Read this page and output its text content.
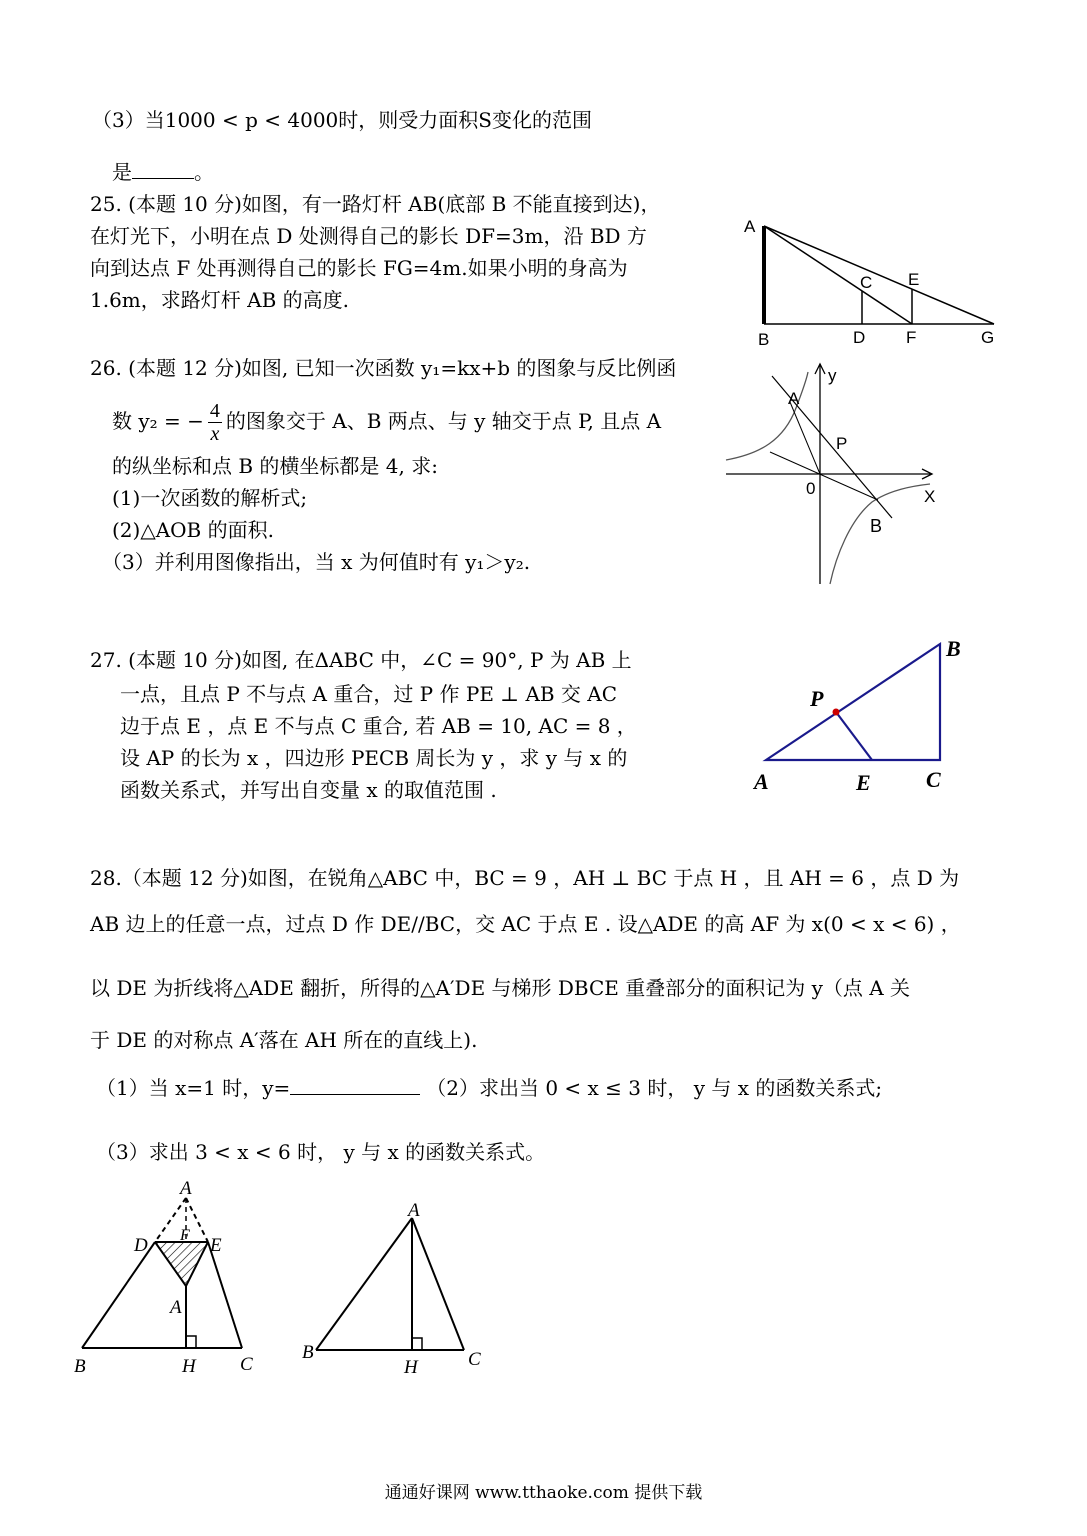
（3）当1000 < p < 4000时，则受力面积S变化的范围
是	。
25. (本题 10 分)如图，有一路灯杆 AB(底部 B 不能直接到达)，
在灯光下，小明在点 D 处测得自己的影长 DF=3m，沿 BD 方
向到达点 F 处再测得自己的影长 FG=4m.如果小明的身高为
1.6m，求路灯杆 AB 的高度.
A
B
C
D
E
F	G
26. (本题 12 分)如图, 已知一次函数 y₁=kx+b 的图象与反比例函
数 y₂ = − $\frac{4}{x}$ 的图象交于 A、B 两点、与 y 轴交于点 P, 且点 A
的纵坐标和点 B 的横坐标都是 4, 求:
(1)一次函数的解析式;
(2)△AOB 的面积.
（3）并利用图像指出，当 x 为何值时有 y₁＞y₂.
y
A
P
0	X
B
27. (本题 10 分)如图, 在ΔABC 中，∠C = 90°, P 为 AB 上
一点，且点 P 不与点 A 重合，过 P 作 PE ⊥ AB 交 AC
边于点 E ，点 E 不与点 C 重合, 若 AB = 10, AC = 8 ，
设 AP 的长为 x ，四边形 PECB 周长为 y ，求 y 与 x 的
函数关系式，并写出自变量 x 的取值范围 .	A
B
C
E
P
28.（本题 12 分)如图，在锐角△ABC 中，BC = 9 ，AH ⊥ BC 于点 H ，且 AH = 6 ，点 D 为
AB 边上的任意一点，过点 D 作 DE//BC，交 AC 于点 E . 设△ADE 的高 AF 为 x(0 < x < 6) ，
以 DE 为折线将△ADE 翻折，所得的△A′DE 与梯形 DBCE 重叠部分的面积记为 y（点 A 关
于 DE 的对称点 A′落在 AH 所在的直线上).
（1）当 x=1 时，y=	（2）求出当 0 < x ≤ 3 时， y 与 x 的函数关系式;
（3）求出 3 < x < 6 时， y 与 x 的函数关系式。
A
D	E
F
A
B	H C
A
B
H	C
通通好课网 www.tthaoke.com 提供下载
